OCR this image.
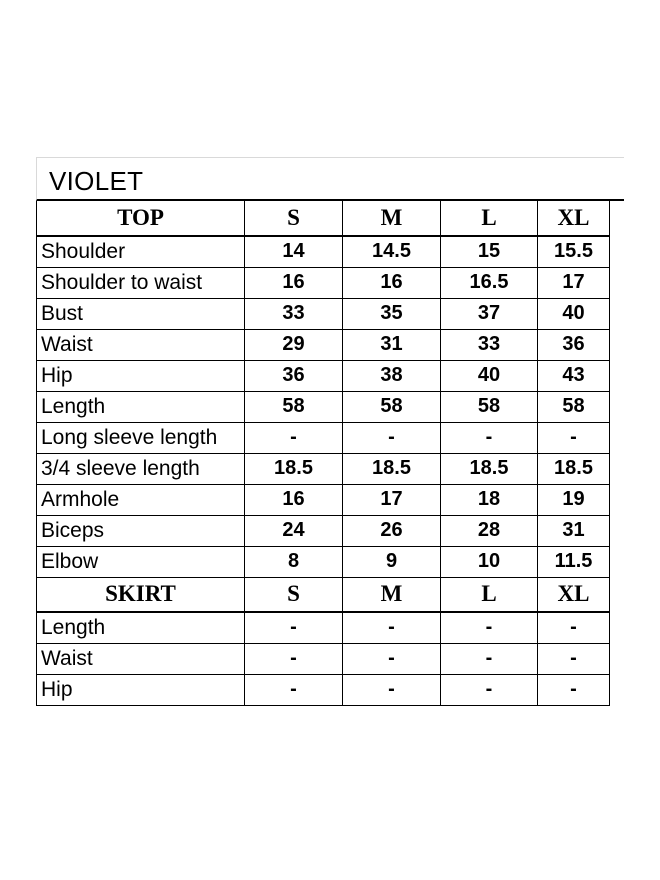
VIOLET
TOP	S	M	L	XL
Shoulder	14	14.5	15	15.5
Shoulder to waist	16	16	16.5	17
Bust	33	35	37	40
Waist	29	31	33	36
Hip	36	38	40	43
Length	58	58	58	58
Long sleeve length	-	-	-	-
3/4 sleeve length	18.5	18.5	18.5	18.5
Armhole	16	17	18	19
Biceps	24	26	28	31
Elbow	8	9	10	11.5
SKIRT	S	M	L	XL
Length	-	-	-	-
Waist	-	-	-	-
Hip	-	-	-	-
